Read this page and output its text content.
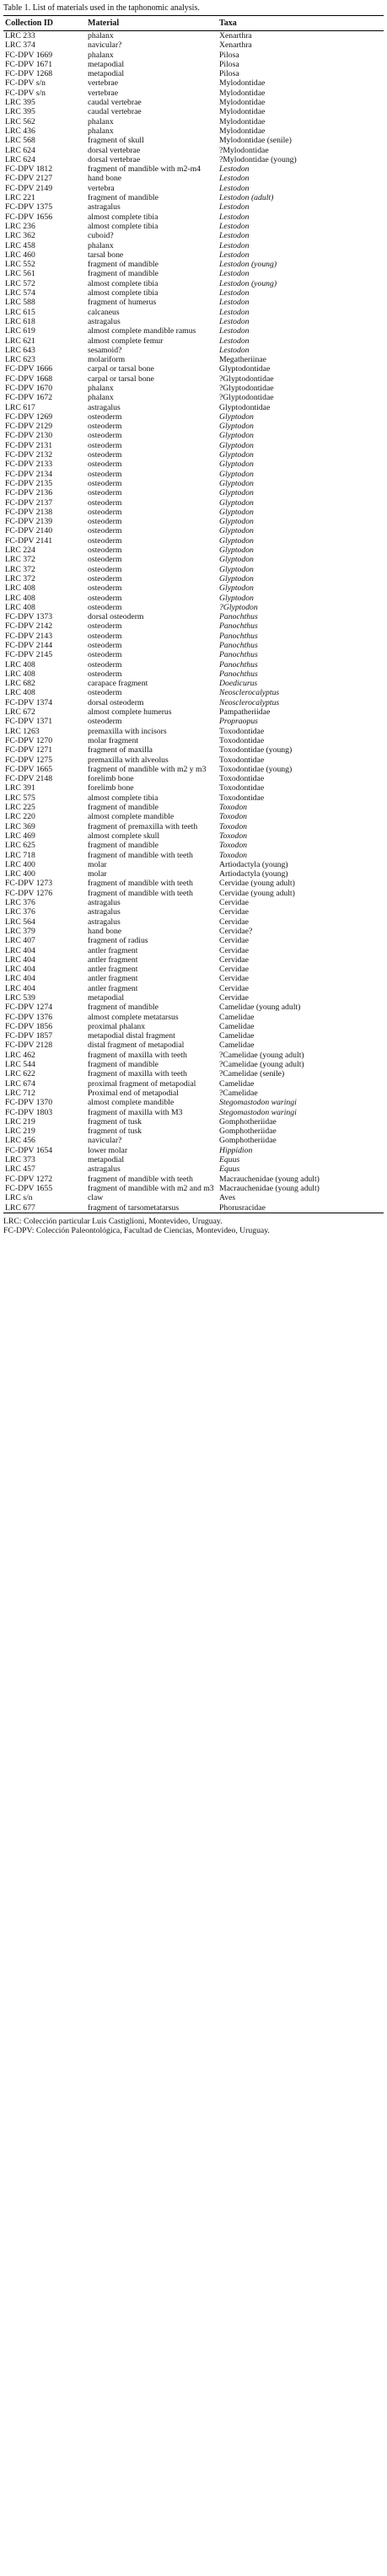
Table 1. List of materials used in the taphonomic analysis.
Collection ID	Material	Taxa
LRC 233	phalanx	Xenarthra
LRC 374	navicular?	Xenarthra
FC-DPV 1669	phalanx	Pilosa
FC-DPV 1671	metapodial	Pilosa
FC-DPV 1268	metapodial	Pilosa
FC-DPV s/n	vertebrae	Mylodontidae
FC-DPV s/n	vertebrae	Mylodontidae
LRC 395	caudal vertebrae	Mylodontidae
LRC 395	caudal vertebrae	Mylodontidae
LRC 562	phalanx	Mylodontidae
LRC 436	phalanx	Mylodontidae
LRC 568	fragment of skull	Mylodontidae (senile)
LRC 624	dorsal vertebrae	?Mylodontidae
LRC 624	dorsal vertebrae	?Mylodontidae (young)
FC-DPV 1812	fragment of mandible with m2-m4	Lestodon
FC-DPV 2127	hand bone	Lestodon
FC-DPV 2149	vertebra	Lestodon
LRC 221	fragment of mandible	Lestodon (adult)
FC-DPV 1375	astragalus	Lestodon
FC-DPV 1656	almost complete tibia	Lestodon
LRC 236	almost complete tibia	Lestodon
LRC 362	cuboid?	Lestodon
LRC 458	phalanx	Lestodon
LRC 460	tarsal bone	Lestodon
LRC 552	fragment of mandible	Lestodon (young)
LRC 561	fragment of mandible	Lestodon
LRC 572	almost complete tibia	Lestodon (young)
LRC 574	almost complete tibia	Lestodon
LRC 588	fragment of humerus	Lestodon
LRC 615	calcaneus	Lestodon
LRC 618	astragalus	Lestodon
LRC 619	almost complete mandible ramus	Lestodon
LRC 621	almost complete femur	Lestodon
LRC 643	sesamoid?	Lestodon
LRC 623	molariform	Megatheriinae
FC-DPV 1666	carpal or tarsal bone	Glyptodontidae
FC-DPV 1668	carpal or tarsal bone	?Glyptodontidae
FC-DPV 1670	phalanx	?Glyptodontidae
FC-DPV 1672	phalanx	?Glyptodontidae
LRC 617	astragalus	Glyptodontidae
FC-DPV 1269	osteoderm	Glyptodon
FC-DPV 2129	osteoderm	Glyptodon
FC-DPV 2130	osteoderm	Glyptodon
FC-DPV 2131	osteoderm	Glyptodon
FC-DPV 2132	osteoderm	Glyptodon
FC-DPV 2133	osteoderm	Glyptodon
FC-DPV 2134	osteoderm	Glyptodon
FC-DPV 2135	osteoderm	Glyptodon
FC-DPV 2136	osteoderm	Glyptodon
FC-DPV 2137	osteoderm	Glyptodon
FC-DPV 2138	osteoderm	Glyptodon
FC-DPV 2139	osteoderm	Glyptodon
FC-DPV 2140	osteoderm	Glyptodon
FC-DPV 2141	osteoderm	Glyptodon
LRC 224	osteoderm	Glyptodon
LRC 372	osteoderm	Glyptodon
LRC 372	osteoderm	Glyptodon
LRC 372	osteoderm	Glyptodon
LRC 408	osteoderm	Glyptodon
LRC 408	osteoderm	Glyptodon
LRC 408	osteoderm	?Glyptodon
FC-DPV 1373	dorsal osteoderm	Panochthus
FC-DPV 2142	osteoderm	Panochthus
FC-DPV 2143	osteoderm	Panochthus
FC-DPV 2144	osteoderm	Panochthus
FC-DPV 2145	osteoderm	Panochthus
LRC 408	osteoderm	Panochthus
LRC 408	osteoderm	Panochthus
LRC 682	carapace fragment	Doedicurus
LRC 408	osteoderm	Neosclerocalyptus
FC-DPV 1374	dorsal osteoderm	Neosclerocalyptus
LRC 672	almost complete humerus	Pampatheriidae
FC-DPV 1371	osteoderm	Propraopus
LRC 1263	premaxilla with incisors	Toxodontidae
FC-DPV 1270	molar fragment	Toxodontidae
FC-DPV 1271	fragment of maxilla	Toxodontidae (young)
FC-DPV 1275	premaxilla with alveolus	Toxodontidae
FC-DPV 1665	fragment of mandible with m2 y m3	Toxodontidae (young)
FC-DPV 2148	forelimb bone	Toxodontidae
LRC 391	forelimb bone	Toxodontidae
LRC 575	almost complete tibia	Toxodontidae
LRC 225	fragment of mandible	Toxodon
LRC 220	almost complete mandible	Toxodon
LRC 369	fragment of premaxilla with teeth	Toxodon
LRC 469	almost complete skull	Toxodon
LRC 625	fragment of mandible	Toxodon
LRC 718	fragment of mandible with teeth	Toxodon
LRC 400	molar	Artiodactyla (young)
LRC 400	molar	Artiodactyla (young)
FC-DPV 1273	fragment of mandible with teeth	Cervidae (young adult)
FC-DPV 1276	fragment of mandible with teeth	Cervidae (young adult)
LRC 376	astragalus	Cervidae
LRC 376	astragalus	Cervidae
LRC 564	astragalus	Cervidae
LRC 379	hand bone	Cervidae?
LRC 407	fragment of radius	Cervidae
LRC 404	antler fragment	Cervidae
LRC 404	antler fragment	Cervidae
LRC 404	antler fragment	Cervidae
LRC 404	antler fragment	Cervidae
LRC 404	antler fragment	Cervidae
LRC 539	metapodial	Cervidae
FC-DPV 1274	fragment of mandible	Camelidae (young adult)
FC-DPV 1376	almost complete metatarsus	Camelidae
FC-DPV 1856	proximal phalanx	Camelidae
FC-DPV 1857	metapodial distal fragment	Camelidae
FC-DPV 2128	distal fragment of metapodial	Camelidae
LRC 462	fragment of maxilla with teeth	?Camelidae (young adult)
LRC 544	fragment of mandible	?Camelidae (young adult)
LRC 622	fragment of maxilla with teeth	?Camelidae (senile)
LRC 674	proximal fragment of metapodial	Camelidae
LRC 712	Proximal end of metapodial	?Camelidae
FC-DPV 1370	almost complete mandible	Stegomastodon waringi
FC-DPV 1803	fragment of maxilla with M3	Stegomastodon waringi
LRC 219	fragment of tusk	Gomphotheriidae
LRC 219	fragment of tusk	Gomphotheriidae
LRC 456	navicular?	Gomphotheriidae
FC-DPV 1654	lower molar	Hippidion
LRC 373	metapodial	Equus
LRC 457	astragalus	Equus
FC-DPV 1272	fragment of mandible with teeth	Macrauchenidae (young adult)
FC-DPV 1655	fragment of mandible with m2 and m3	Macrauchenidae (young adult)
LRC s/n	claw	Aves
LRC 677	fragment of tarsometatarsus	Phorusracidae
LRC: Colección particular Luis Castiglioni, Montevideo, Uruguay.
FC-DPV: Colección Paleontológica, Facultad de Ciencias, Montevideo, Uruguay.
